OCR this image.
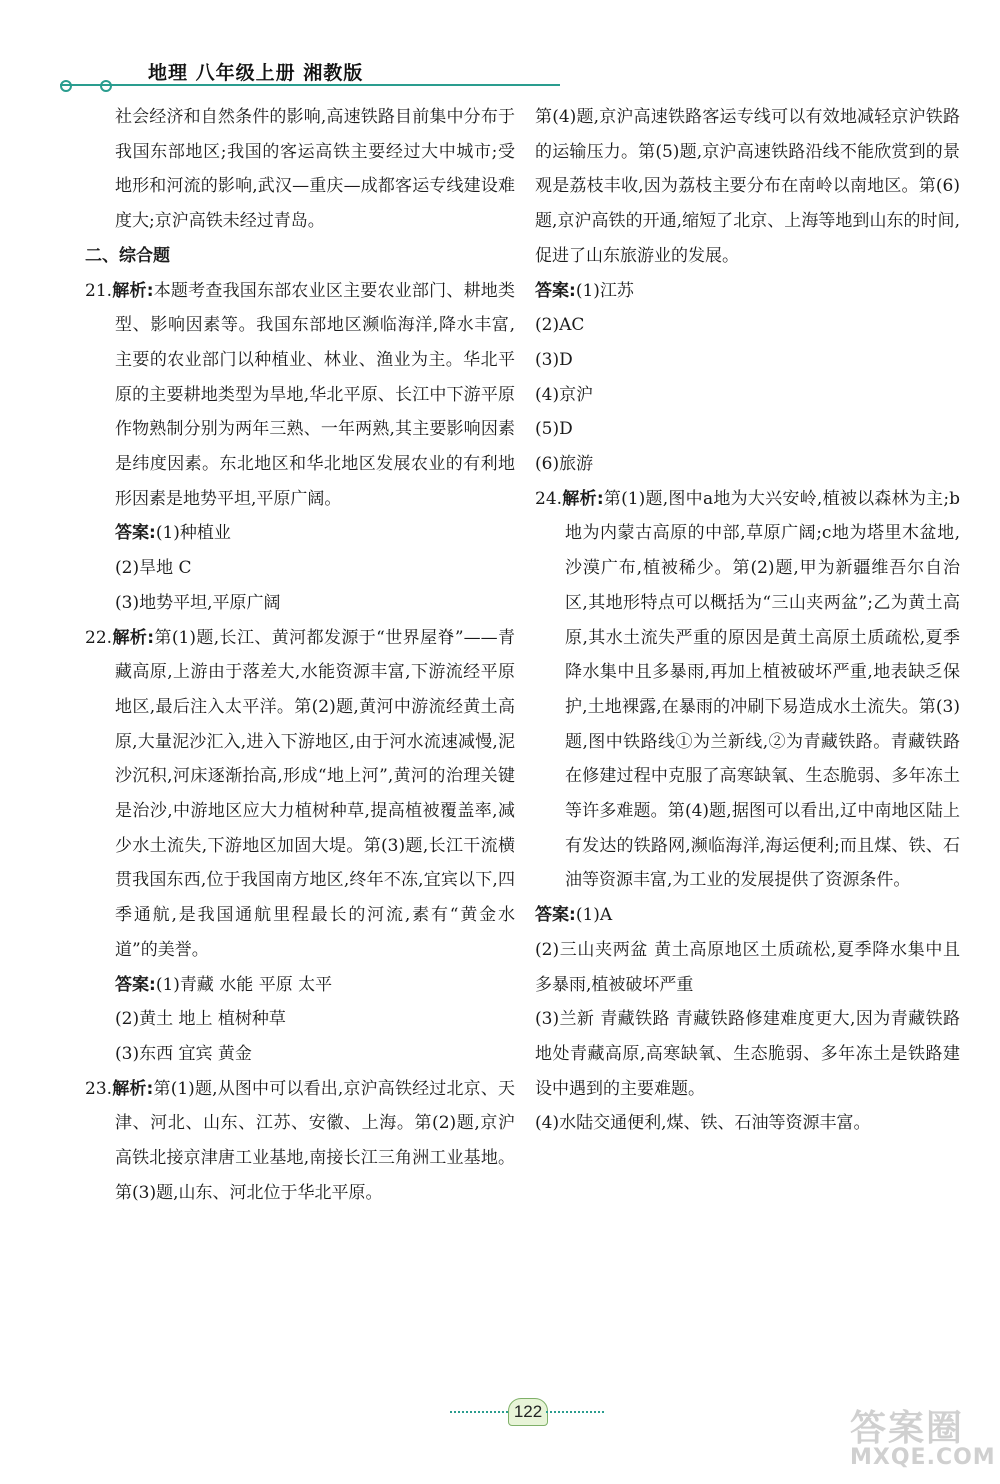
地理 八年级上册 湘教版

社会经济和自然条件的影响,高速铁路目前集中分布于我国东部地区;我国的客运高铁主要经过大中城市;受地形和河流的影响,武汉—重庆—成都客运专线建设难度大;京沪高铁未经过青岛。

二、综合题

21.解析:本题考查我国东部农业区主要农业部门、耕地类型、影响因素等。我国东部地区濒临海洋,降水丰富,主要的农业部门以种植业、林业、渔业为主。华北平原的主要耕地类型为旱地,华北平原、长江中下游平原作物熟制分别为两年三熟、一年两熟,其主要影响因素是纬度因素。东北地区和华北地区发展农业的有利地形因素是地势平坦,平原广阔。

答案:(1)种植业

(2)旱地 C

(3)地势平坦,平原广阔

22.解析:第(1)题,长江、黄河都发源于“世界屋脊”——青藏高原,上游由于落差大,水能资源丰富,下游流经平原地区,最后注入太平洋。第(2)题,黄河中游流经黄土高原,大量泥沙汇入,进入下游地区,由于河水流速减慢,泥沙沉积,河床逐渐抬高,形成“地上河”,黄河的治理关键是治沙,中游地区应大力植树种草,提高植被覆盖率,减少水土流失,下游地区加固大堤。第(3)题,长江干流横贯我国东西,位于我国南方地区,终年不冻,宜宾以下,四季通航,是我国通航里程最长的河流,素有“黄金水道”的美誉。

答案:(1)青藏 水能 平原 太平

(2)黄土 地上 植树种草

(3)东西 宜宾 黄金

23.解析:第(1)题,从图中可以看出,京沪高铁经过北京、天津、河北、山东、江苏、安徽、上海。第(2)题,京沪高铁北接京津唐工业基地,南接长江三角洲工业基地。第(3)题,山东、河北位于华北平原。

第(4)题,京沪高速铁路客运专线可以有效地减轻京沪铁路的运输压力。第(5)题,京沪高速铁路沿线不能欣赏到的景观是荔枝丰收,因为荔枝主要分布在南岭以南地区。第(6)题,京沪高铁的开通,缩短了北京、上海等地到山东的时间,促进了山东旅游业的发展。

答案:(1)江苏

(2)AC

(3)D

(4)京沪

(5)D

(6)旅游

24.解析:第(1)题,图中a地为大兴安岭,植被以森林为主;b地为内蒙古高原的中部,草原广阔;c地为塔里木盆地,沙漠广布,植被稀少。第(2)题,甲为新疆维吾尔自治区,其地形特点可以概括为“三山夹两盆”;乙为黄土高原,其水土流失严重的原因是黄土高原土质疏松,夏季降水集中且多暴雨,再加上植被破坏严重,地表缺乏保护,土地裸露,在暴雨的冲刷下易造成水土流失。第(3)题,图中铁路线①为兰新线,②为青藏铁路。青藏铁路在修建过程中克服了高寒缺氧、生态脆弱、多年冻土等许多难题。第(4)题,据图可以看出,辽中南地区陆上有发达的铁路网,濒临海洋,海运便利;而且煤、铁、石油等资源丰富,为工业的发展提供了资源条件。

答案:(1)A

(2)三山夹两盆 黄土高原地区土质疏松,夏季降水集中且多暴雨,植被破坏严重

(3)兰新 青藏铁路 青藏铁路修建难度更大,因为青藏铁路地处青藏高原,高寒缺氧、生态脆弱、多年冻土是铁路建设中遇到的主要难题。

(4)水陆交通便利,煤、铁、石油等资源丰富。

122	答案圈
MXQE.COM
